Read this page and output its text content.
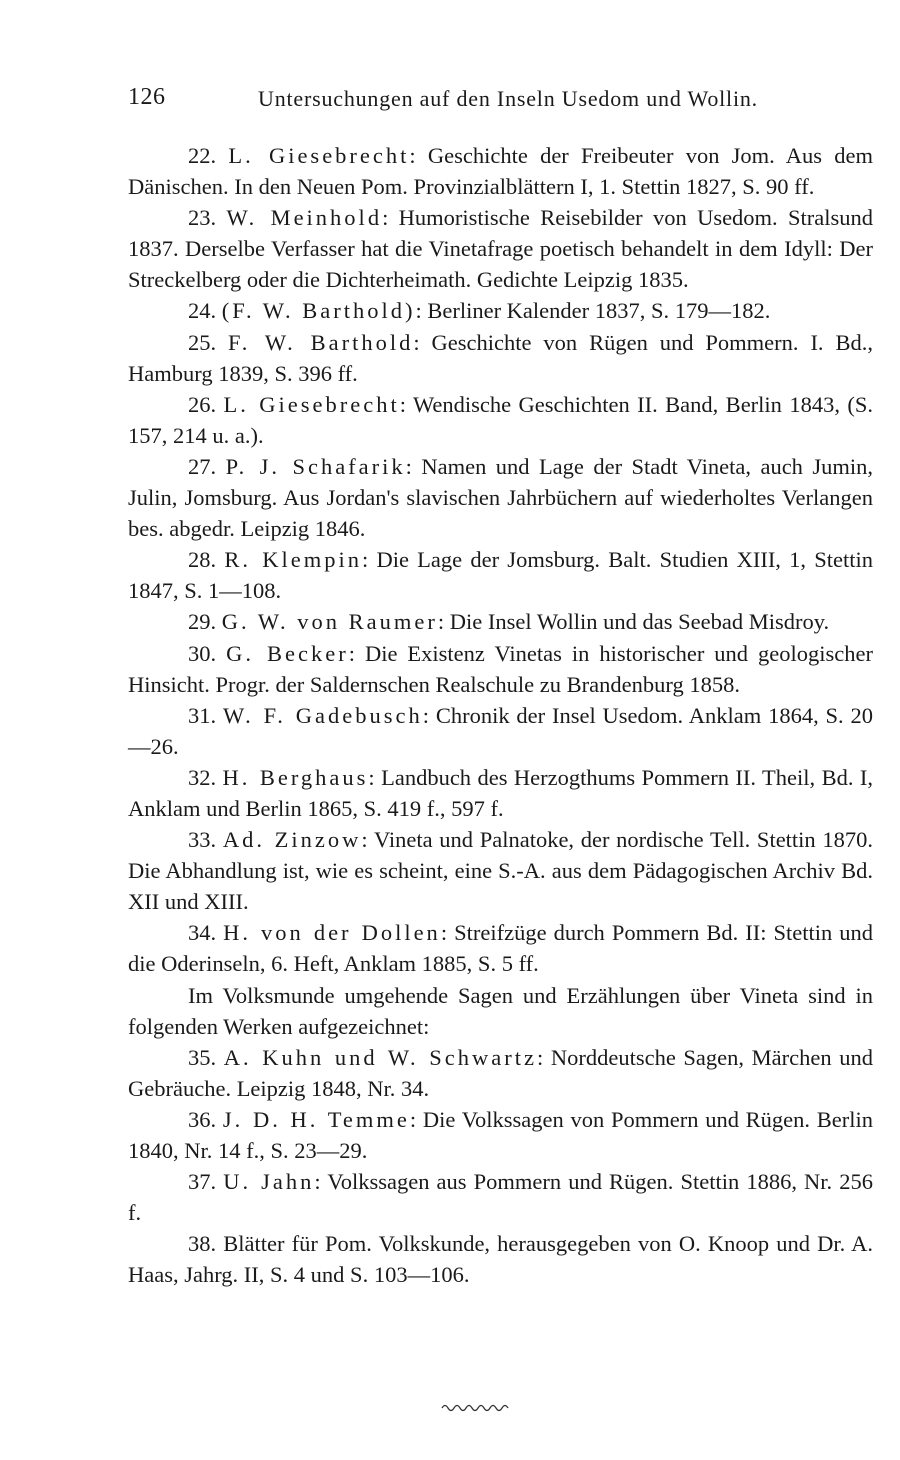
126	Untersuchungen auf den Inseln Usedom und Wollin.

22. L. Giesebrecht: Geschichte der Freibeuter von Jom. Aus dem Dänischen. In den Neuen Pom. Provinzialblättern I, 1. Stettin 1827, S. 90 ff.

23. W. Meinhold: Humoristische Reisebilder von Usedom. Stralsund 1837. Derselbe Verfasser hat die Vinetafrage poetisch behandelt in dem Idyll: Der Streckelberg oder die Dichterheimath. Gedichte Leipzig 1835.

24. (F. W. Barthold): Berliner Kalender 1837, S. 179—182.

25. F. W. Barthold: Geschichte von Rügen und Pommern. I. Bd., Hamburg 1839, S. 396 ff.

26. L. Giesebrecht: Wendische Geschichten II. Band, Berlin 1843, (S. 157, 214 u. a.).

27. P. J. Schafarik: Namen und Lage der Stadt Vineta, auch Jumin, Julin, Jomsburg. Aus Jordan's slavischen Jahrbüchern auf wiederholtes Verlangen bes. abgedr. Leipzig 1846.

28. R. Klempin: Die Lage der Jomsburg. Balt. Studien XIII, 1, Stettin 1847, S. 1—108.

29. G. W. von Raumer: Die Insel Wollin und das Seebad Misdroy.

30. G. Becker: Die Existenz Vinetas in historischer und geologischer Hinsicht. Progr. der Saldernschen Realschule zu Brandenburg 1858.

31. W. F. Gadebusch: Chronik der Insel Usedom. Anklam 1864, S. 20—26.

32. H. Berghaus: Landbuch des Herzogthums Pommern II. Theil, Bd. I, Anklam und Berlin 1865, S. 419 f., 597 f.

33. Ad. Zinzow: Vineta und Palnatoke, der nordische Tell. Stettin 1870. Die Abhandlung ist, wie es scheint, eine S.-A. aus dem Pädagogischen Archiv Bd. XII und XIII.

34. H. von der Dollen: Streifzüge durch Pommern Bd. II: Stettin und die Oderinseln, 6. Heft, Anklam 1885, S. 5 ff.

Im Volksmunde umgehende Sagen und Erzählungen über Vineta sind in folgenden Werken aufgezeichnet:

35. A. Kuhn und W. Schwartz: Norddeutsche Sagen, Märchen und Gebräuche. Leipzig 1848, Nr. 34.

36. J. D. H. Temme: Die Volkssagen von Pommern und Rügen. Berlin 1840, Nr. 14 f., S. 23—29.

37. U. Jahn: Volkssagen aus Pommern und Rügen. Stettin 1886, Nr. 256 f.

38. Blätter für Pom. Volkskunde, herausgegeben von O. Knoop und Dr. A. Haas, Jahrg. II, S. 4 und S. 103—106.
